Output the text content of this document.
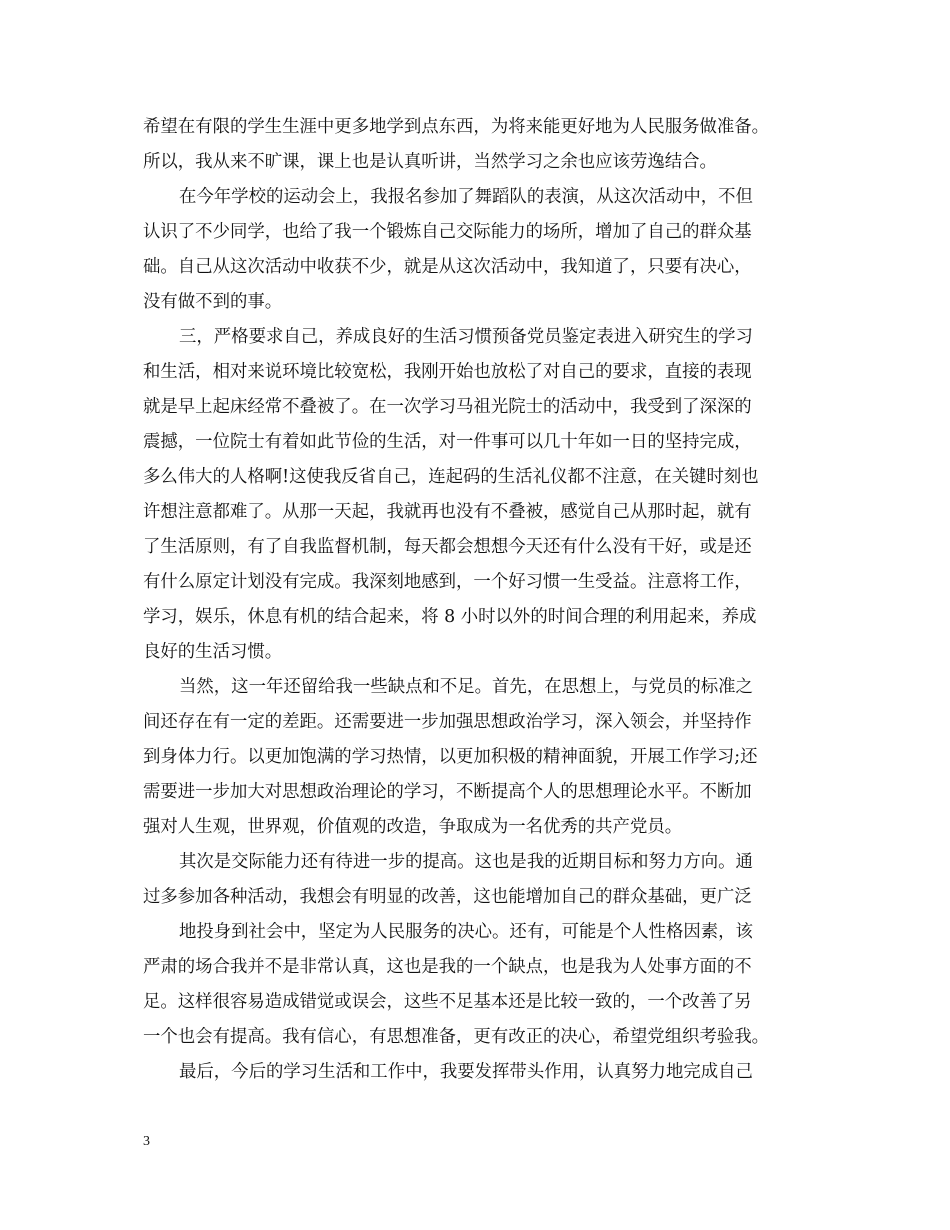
希望在有限的学生生涯中更多地学到点东西，为将来能更好地为人民服务做准备。
所以，我从来不旷课，课上也是认真听讲，当然学习之余也应该劳逸结合。
在今年学校的运动会上，我报名参加了舞蹈队的表演，从这次活动中，不但
认识了不少同学，也给了我一个锻炼自己交际能力的场所，增加了自己的群众基
础。自己从这次活动中收获不少，就是从这次活动中，我知道了，只要有决心，
没有做不到的事。
三，严格要求自己，养成良好的生活习惯预备党员鉴定表进入研究生的学习
和生活，相对来说环境比较宽松，我刚开始也放松了对自己的要求，直接的表现
就是早上起床经常不叠被了。在一次学习马祖光院士的活动中，我受到了深深的
震撼，一位院士有着如此节俭的生活，对一件事可以几十年如一日的坚持完成，
多么伟大的人格啊!这使我反省自己，连起码的生活礼仪都不注意，在关键时刻也
许想注意都难了。从那一天起，我就再也没有不叠被，感觉自己从那时起，就有
了生活原则，有了自我监督机制，每天都会想想今天还有什么没有干好，或是还
有什么原定计划没有完成。我深刻地感到，一个好习惯一生受益。注意将工作，
学习，娱乐，休息有机的结合起来，将 8 小时以外的时间合理的利用起来，养成
良好的生活习惯。
当然，这一年还留给我一些缺点和不足。首先，在思想上，与党员的标准之
间还存在有一定的差距。还需要进一步加强思想政治学习，深入领会，并坚持作
到身体力行。以更加饱满的学习热情，以更加积极的精神面貌，开展工作学习;还
需要进一步加大对思想政治理论的学习，不断提高个人的思想理论水平。不断加
强对人生观，世界观，价值观的改造，争取成为一名优秀的共产党员。
其次是交际能力还有待进一步的提高。这也是我的近期目标和努力方向。通
过多参加各种活动，我想会有明显的改善，这也能增加自己的群众基础，更广泛
地投身到社会中，坚定为人民服务的决心。还有，可能是个人性格因素，该
严肃的场合我并不是非常认真，这也是我的一个缺点，也是我为人处事方面的不
足。这样很容易造成错觉或误会，这些不足基本还是比较一致的，一个改善了另
一个也会有提高。我有信心，有思想准备，更有改正的决心，希望党组织考验我。
最后，今后的学习生活和工作中，我要发挥带头作用，认真努力地完成自己
3
